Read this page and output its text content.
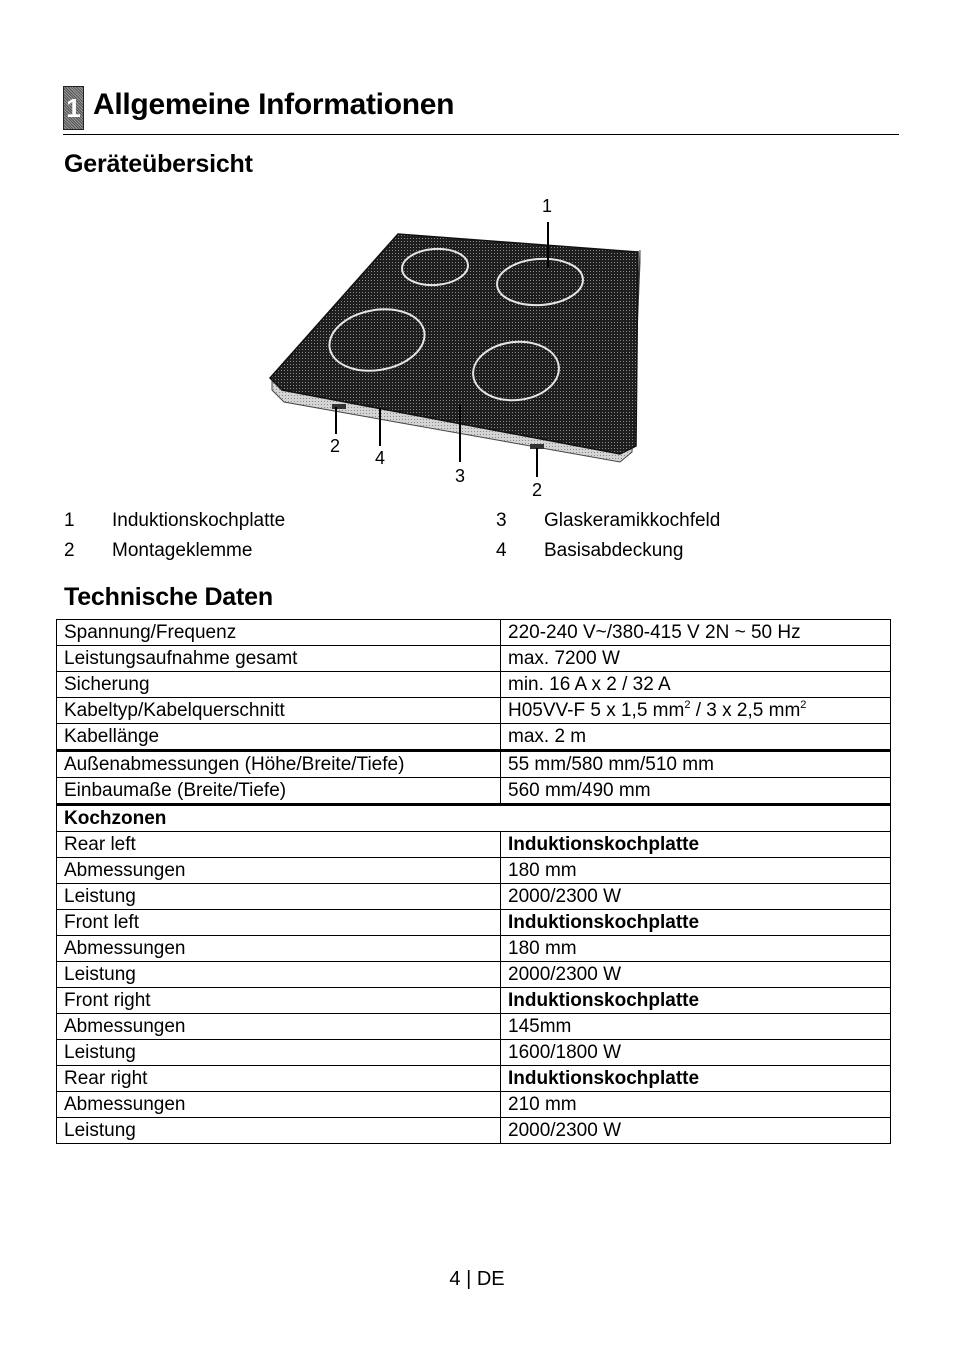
1 Allgemeine Informationen
Geräteübersicht
1
2
4
3
2
1 Induktionskochplatte	3 Glaskeramikkochfeld
2 Montageklemme	4 Basisabdeckung
Technische Daten
Spannung/Frequenz	220-240 V~/380-415 V 2N ~ 50 Hz
Leistungsaufnahme gesamt	max. 7200 W
Sicherung	min. 16 A x 2 / 32 A
Kabeltyp/Kabelquerschnitt	H05VV-F 5 x 1,5 $mm^2 / 3$ x 2,5 $mm^2$
Kabellänge	max. 2 m
Außenabmessungen (Höhe/Breite/Tiefe)	55 mm/580 mm/510 mm
Einbaumaße (Breite/Tiefe)	560 mm/490 mm
Kochzonen	
Rear left	Induktionskochplatte
Abmessungen	180 mm
Leistung	2000/2300 W
Front left	Induktionskochplatte
Abmessungen	180 mm
Leistung	2000/2300 W
Front right	Induktionskochplatte
Abmessungen	145mm
Leistung	1600/1800 W
Rear right	Induktionskochplatte
Abmessungen	210 mm
Leistung	2000/2300 W
4 | DE
